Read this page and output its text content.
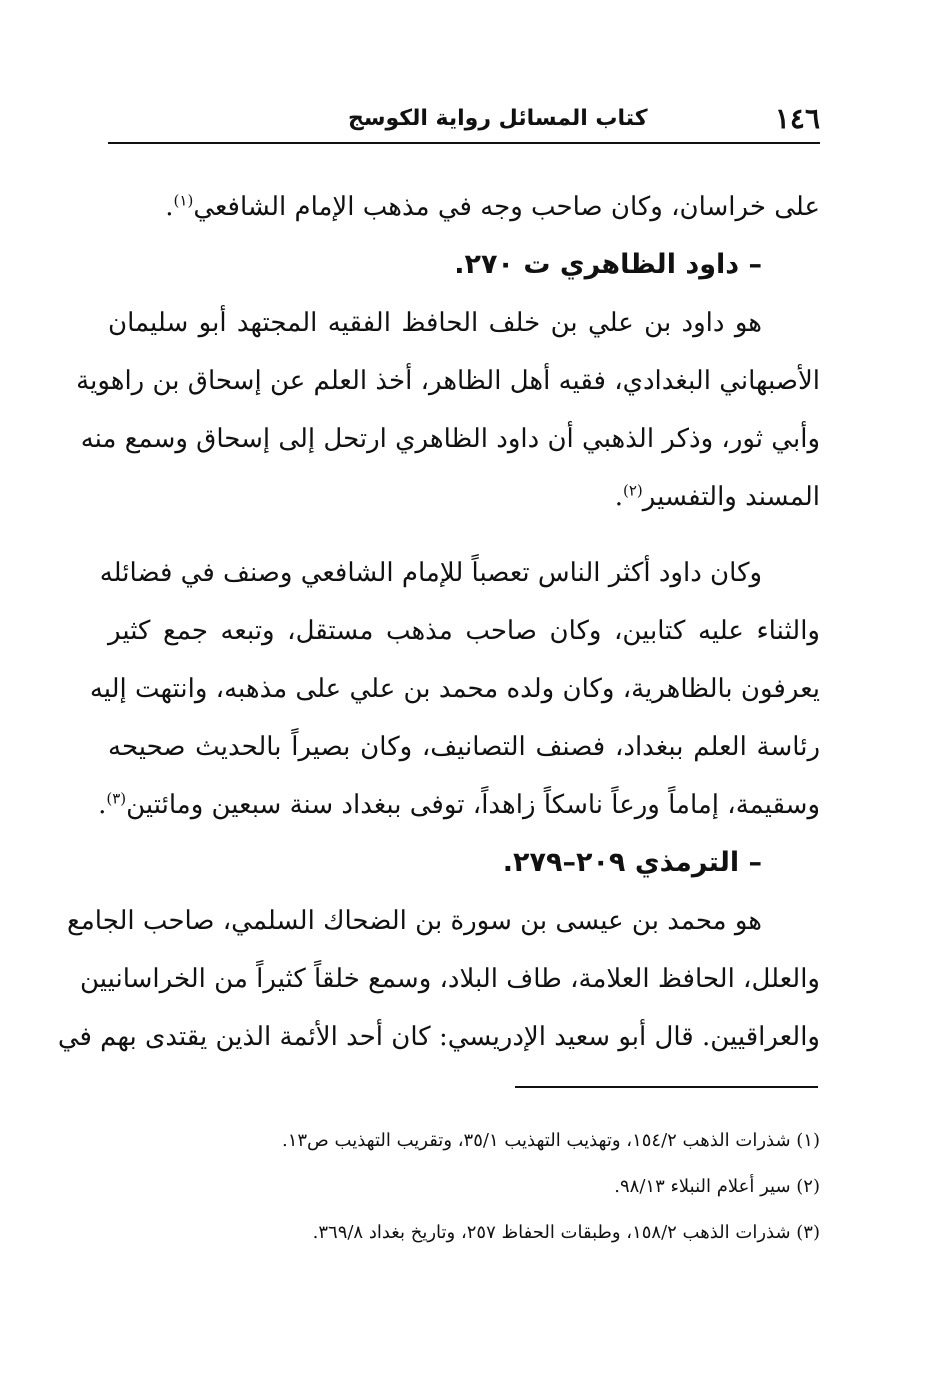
١٤٦
كتاب المسائل رواية الكوسج

على خراسان، وكان صاحب وجه في مذهب الإمام الشافعي$^{(١)}$.

– داود الظاهري ت ٢٧٠.

هو داود بن علي بن خلف الحافظ الفقيه المجتهد أبو سليمان

الأصبهاني البغدادي، فقيه أهل الظاهر، أخذ العلم عن إسحاق بن راهوية

وأبي ثور، وذكر الذهبي أن داود الظاهري ارتحل إلى إسحاق وسمع منه

المسند والتفسير$^{(٢)}$.

وكان داود أكثر الناس تعصباً للإمام الشافعي وصنف في فضائله

والثناء عليه كتابين، وكان صاحب مذهب مستقل، وتبعه جمع كثير

يعرفون بالظاهرية، وكان ولده محمد بن علي على مذهبه، وانتهت إليه

رئاسة العلم ببغداد، فصنف التصانيف، وكان بصيراً بالحديث صحيحه

وسقيمة، إماماً ورعاً ناسكاً زاهداً، توفى ببغداد سنة سبعين ومائتين$^{(٣)}$.

– الترمذي ٢٠٩–٢٧٩.

هو محمد بن عيسى بن سورة بن الضحاك السلمي، صاحب الجامع

والعلل، الحافظ العلامة، طاف البلاد، وسمع خلقاً كثيراً من الخراسانيين

والعراقيين. قال أبو سعيد الإدريسي: كان أحد الأئمة الذين يقتدى بهم في

(١) شذرات الذهب ١٥٤/٢، وتهذيب التهذيب ٣٥/١، وتقريب التهذيب ص١٣.

(٢) سير أعلام النبلاء ٩٨/١٣.

(٣) شذرات الذهب ١٥٨/٢، وطبقات الحفاظ ٢٥٧، وتاريخ بغداد ٣٦٩/٨.
